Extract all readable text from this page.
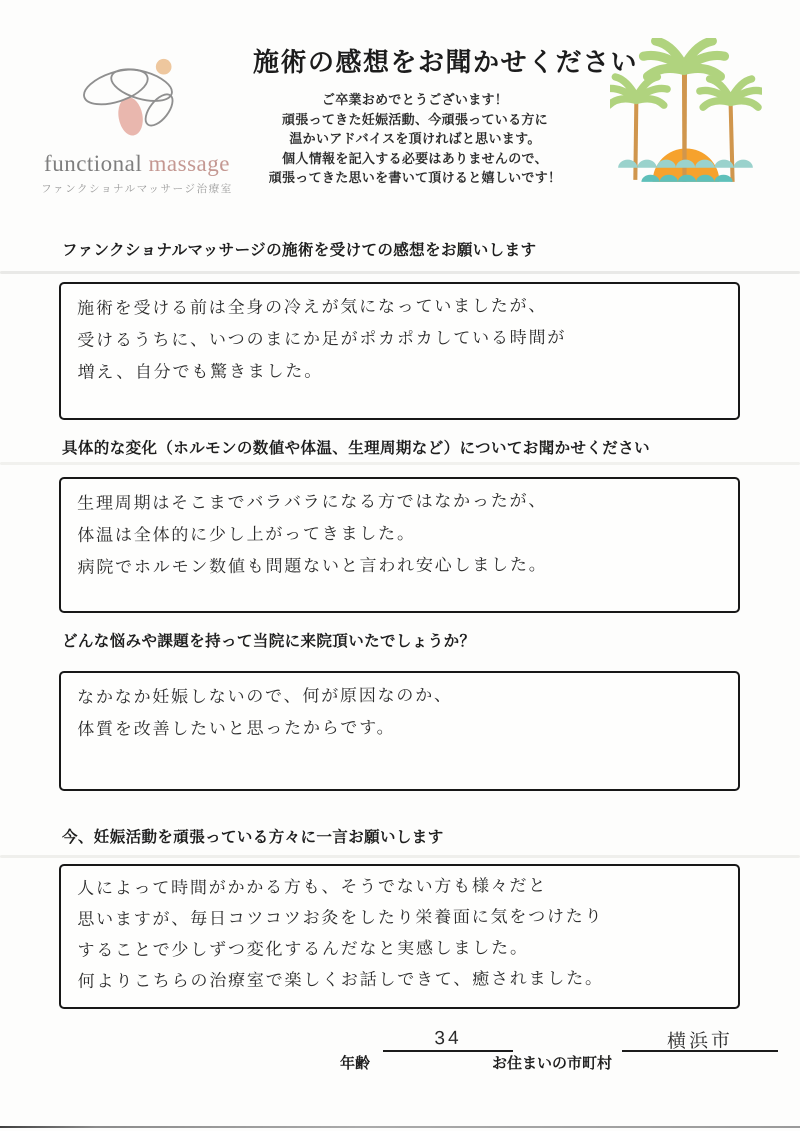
functional massage
ファンクショナルマッサージ治療室
施術の感想をお聞かせください
ご卒業おめでとうございます！
頑張ってきた妊娠活動、今頑張っている方に
温かいアドバイスを頂ければと思います。
個人情報を記入する必要はありませんので、
頑張ってきた思いを書いて頂けると嬉しいです！
ファンクショナルマッサージの施術を受けての感想をお願いします
施術を受ける前は全身の冷えが気になっていましたが、
受けるうちに、いつのまにか足がポカポカしている時間が
増え、自分でも驚きました。
具体的な変化（ホルモンの数値や体温、生理周期など）についてお聞かせください
生理周期はそこまでバラバラになる方ではなかったが、
体温は全体的に少し上がってきました。
病院でホルモン数値も問題ないと言われ安心しました。
どんな悩みや課題を持って当院に来院頂いたでしょうか？
なかなか妊娠しないので、何が原因なのか、
体質を改善したいと思ったからです。
今、妊娠活動を頑張っている方々に一言お願いします
人によって時間がかかる方も、そうでない方も様々だと
思いますが、毎日コツコツお灸をしたり栄養面に気をつけたり
することで少しずつ変化するんだなと実感しました。
何よりこちらの治療室で楽しくお話しできて、癒されました。
年齢
34
お住まいの市町村
横浜市
